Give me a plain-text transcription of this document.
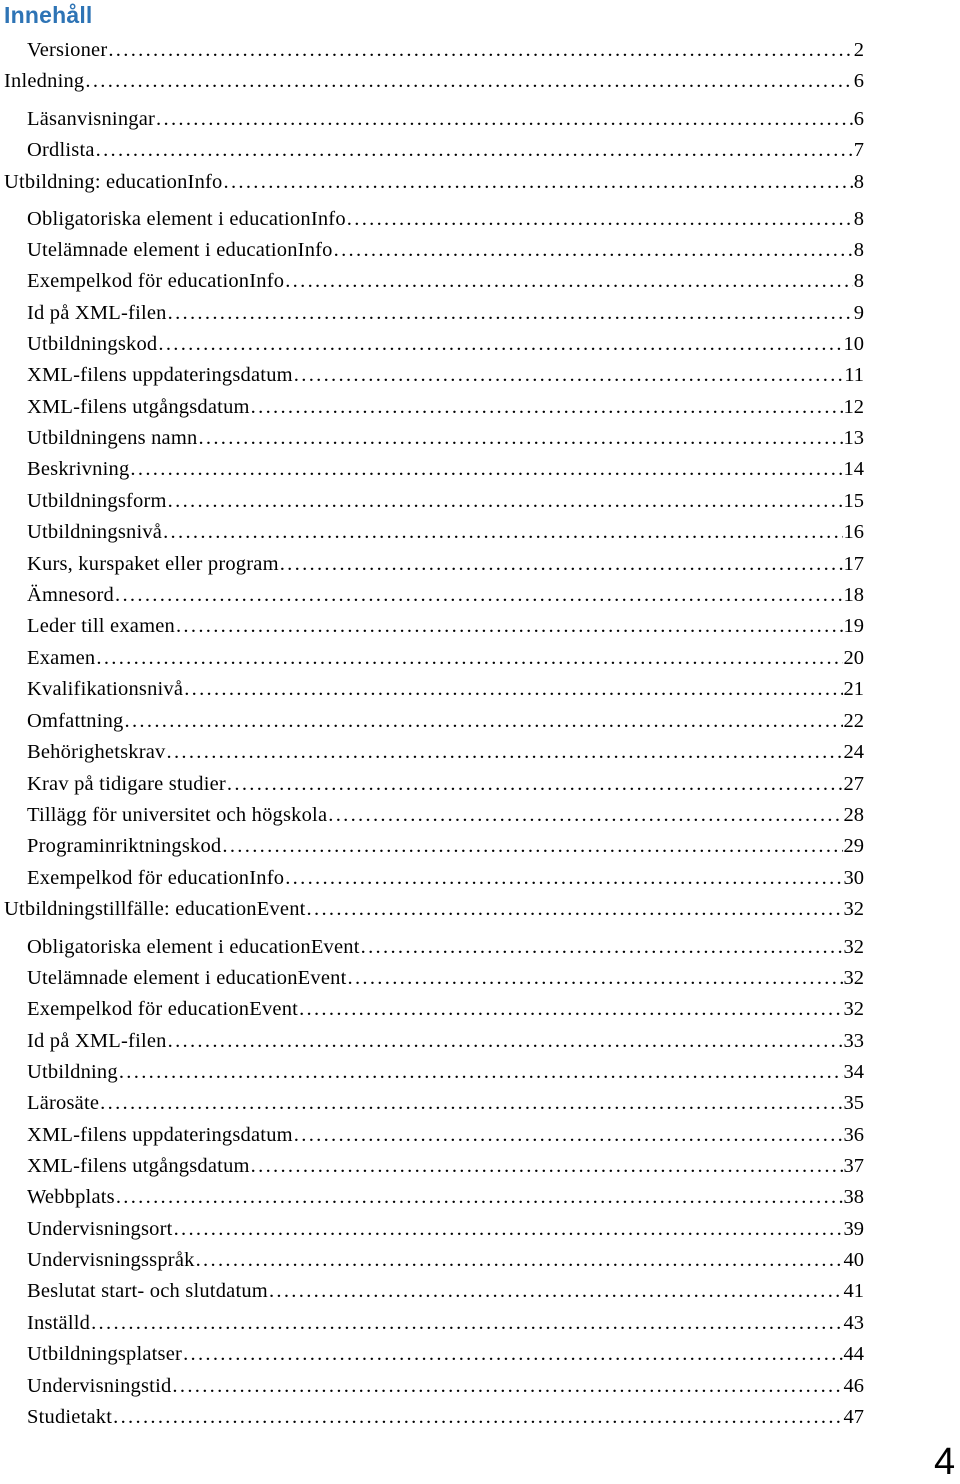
Innehåll
Versioner . . .	2
Inledning . . .	6
Läsanvisningar . . .	6
Ordlista . . .	7
Utbildning: educationInfo . . .	8
Obligatoriska element i educationInfo . . .	8
Utelämnade element i educationInfo . . .	8
Exempelkod för educationInfo . . .	8
Id på XML-filen . . .	9
Utbildningskod . . .	10
XML-filens uppdateringsdatum . . .	11
XML-filens utgångsdatum . . .	12
Utbildningens namn . . .	13
Beskrivning . . .	14
Utbildningsform . . .	15
Utbildningsnivå . . .	16
Kurs, kurspaket eller program . . .	17
Ämnesord . . .	18
Leder till examen . . .	19
Examen . . .	20
Kvalifikationsnivå . . .	21
Omfattning . . .	22
Behörighetskrav . . .	24
Krav på tidigare studier . . .	27
Tillägg för universitet och högskola . . .	28
Programinriktningskod . . .	29
Exempelkod för educationInfo . . .	30
Utbildningstillfälle: educationEvent . . .	32
Obligatoriska element i educationEvent . . .	32
Utelämnade element i educationEvent . . .	32
Exempelkod för educationEvent . . .	32
Id på XML-filen . . .	33
Utbildning . . .	34
Lärosäte . . .	35
XML-filens uppdateringsdatum . . .	36
XML-filens utgångsdatum . . .	37
Webbplats . . .	38
Undervisningsort . . .	39
Undervisningsspråk . . .	40
Beslutat start- och slutdatum . . .	41
Inställd . . .	43
Utbildningsplatser . . .	44
Undervisningstid . . .	46
Studietakt . . .	47
4
